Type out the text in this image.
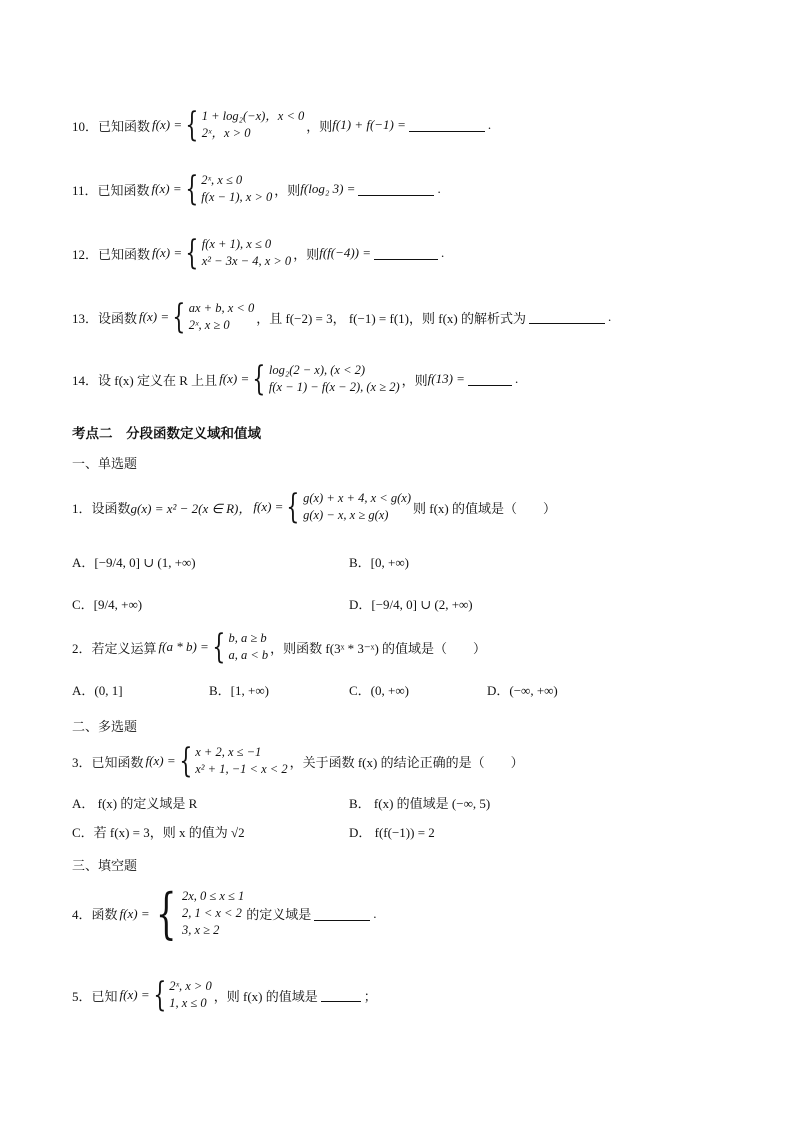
10． 已知函数 f(x) = { 1 + log₂(−x)，x < 0
2ˣ，x > 0	，则 f(1) + f(−1) =	.
11． 已知函数 f(x) = { 2ˣ, x ≤ 0
f(x − 1), x > 0 ，则 f(log₂ 3) =	.
12． 已知函数 f(x) = { f(x + 1), x ≤ 0
x² − 3x − 4, x > 0 ，则 f(f(−4)) =	.
13． 设函数 f(x) = { ax + b, x < 0
2ˣ, x ≥ 0	，且 f(−2) = 3， f(−1) = f(1)，则 f(x) 的解析式为	.
14． 设 f(x) 定义在 R 上且 f(x) = { log₂(2 − x), (x < 2)
f(x − 1) − f(x − 2), (x ≥ 2) ，则 f(13) =	.
考点二　分段函数定义域和值域
一、单选题
1． 设函数 g(x) = x² − 2(x ∈ R)， f(x) = { g(x) + x + 4, x < g(x)
g(x) − x, x ≥ g(x)	则 f(x) 的值域是（　　）
A．[−9/4, 0] ∪ (1, +∞)	B．[0, +∞)
C．[9/4, +∞)	D．[−9/4, 0] ∪ (2, +∞)
2． 若定义运算 f(a * b) = { b, a ≥ b
a, a < b ，则函数 f(3ˣ * 3⁻ˣ) 的值域是（　　）
A．(0, 1]	B．[1, +∞)	C．(0, +∞)	D．(−∞, +∞)
二、多选题
3． 已知函数 f(x) = { x + 2, x ≤ −1
x² + 1, −1 < x < 2 ，关于函数 f(x) 的结论正确的是（　　）
A． f(x) 的定义域是 R	B． f(x) 的值域是 (−∞, 5)
C．若 f(x) = 3，则 x 的值为 √2	D． f(f(−1)) = 2
三、填空题
4． 函数 f(x) = { 2x, 0 ≤ x ≤ 1
2, 1 < x < 2
3, x ≥ 2
的定义域是	.
5． 已知 f(x) = { 2ˣ, x > 0
1, x ≤ 0 ，则 f(x) 的值域是	；
